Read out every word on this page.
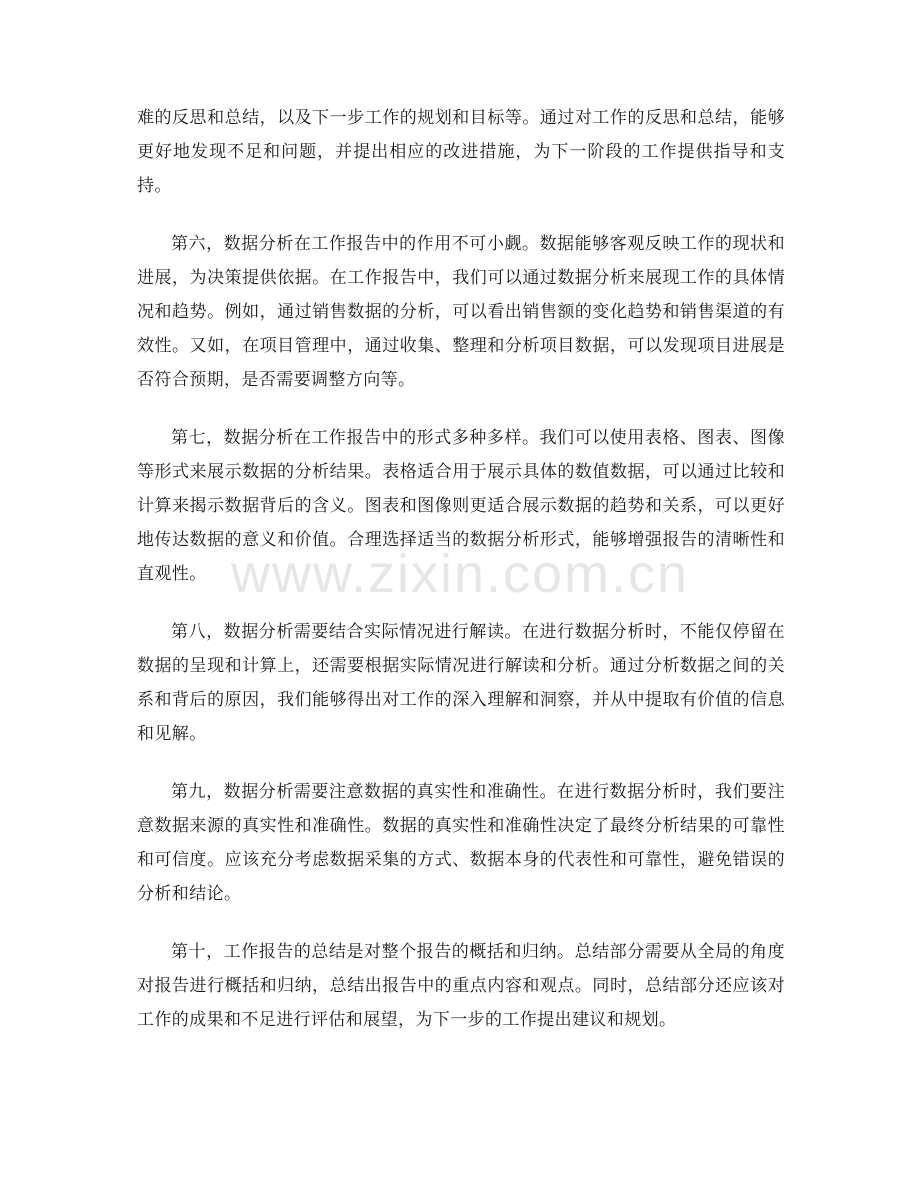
难的反思和总结，以及下一步工作的规划和目标等。通过对工作的反思和总结，能够更好地发现不足和问题，并提出相应的改进措施，为下一阶段的工作提供指导和支持。

第六，数据分析在工作报告中的作用不可小觑。数据能够客观反映工作的现状和进展，为决策提供依据。在工作报告中，我们可以通过数据分析来展现工作的具体情况和趋势。例如，通过销售数据的分析，可以看出销售额的变化趋势和销售渠道的有效性。又如，在项目管理中，通过收集、整理和分析项目数据，可以发现项目进展是否符合预期，是否需要调整方向等。

第七，数据分析在工作报告中的形式多种多样。我们可以使用表格、图表、图像等形式来展示数据的分析结果。表格适合用于展示具体的数值数据，可以通过比较和计算来揭示数据背后的含义。图表和图像则更适合展示数据的趋势和关系，可以更好地传达数据的意义和价值。合理选择适当的数据分析形式，能够增强报告的清晰性和直观性。

第八，数据分析需要结合实际情况进行解读。在进行数据分析时，不能仅停留在数据的呈现和计算上，还需要根据实际情况进行解读和分析。通过分析数据之间的关系和背后的原因，我们能够得出对工作的深入理解和洞察，并从中提取有价值的信息和见解。

第九，数据分析需要注意数据的真实性和准确性。在进行数据分析时，我们要注意数据来源的真实性和准确性。数据的真实性和准确性决定了最终分析结果的可靠性和可信度。应该充分考虑数据采集的方式、数据本身的代表性和可靠性，避免错误的分析和结论。

第十，工作报告的总结是对整个报告的概括和归纳。总结部分需要从全局的角度对报告进行概括和归纳，总结出报告中的重点内容和观点。同时，总结部分还应该对工作的成果和不足进行评估和展望，为下一步的工作提出建议和规划。

www.zixin.com.cn
